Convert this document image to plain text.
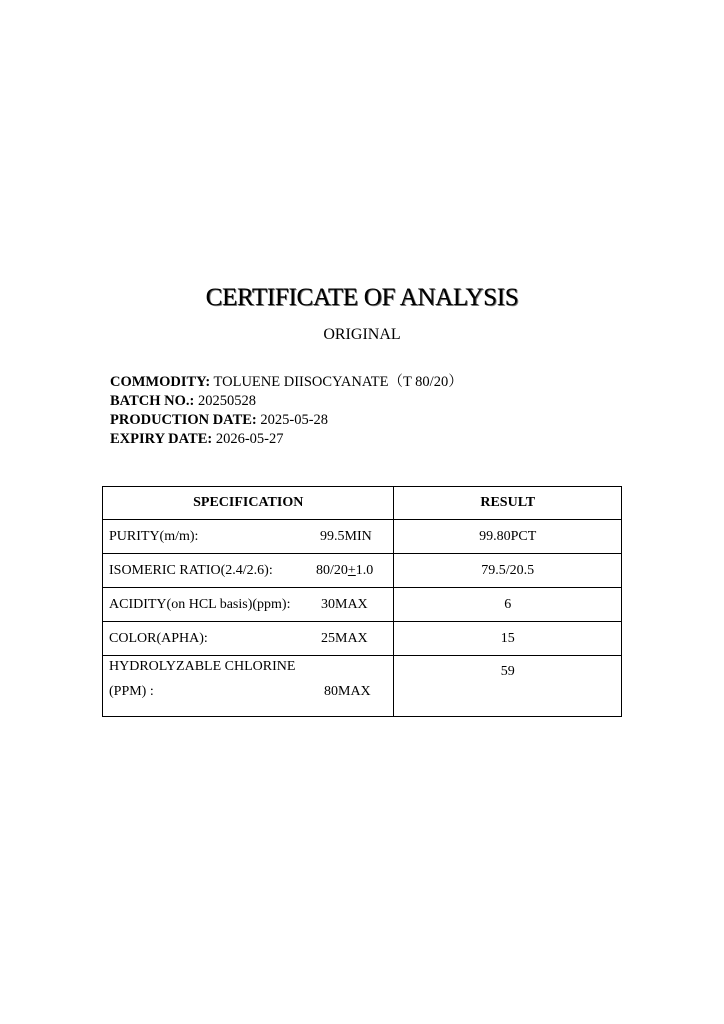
CERTIFICATE OF ANALYSIS
ORIGINAL
COMMODITY: TOLUENE DIISOCYANATE（T 80/20）
BATCH NO.: 20250528
PRODUCTION DATE: 2025-05-28
EXPIRY DATE: 2026-05-27
SPECIFICATION	RESULT

PURITY(m/m): 99.5MIN	99.80PCT

ISOMERIC RATIO(2.4/2.6): 80/20+1.0	79.5/20.5

ACIDITY(on HCL basis)(ppm): 30MAX	6

COLOR(APHA): 25MAX	15

HYDROLYZABLE CHLORINE
(PPM) : 80MAX	59
